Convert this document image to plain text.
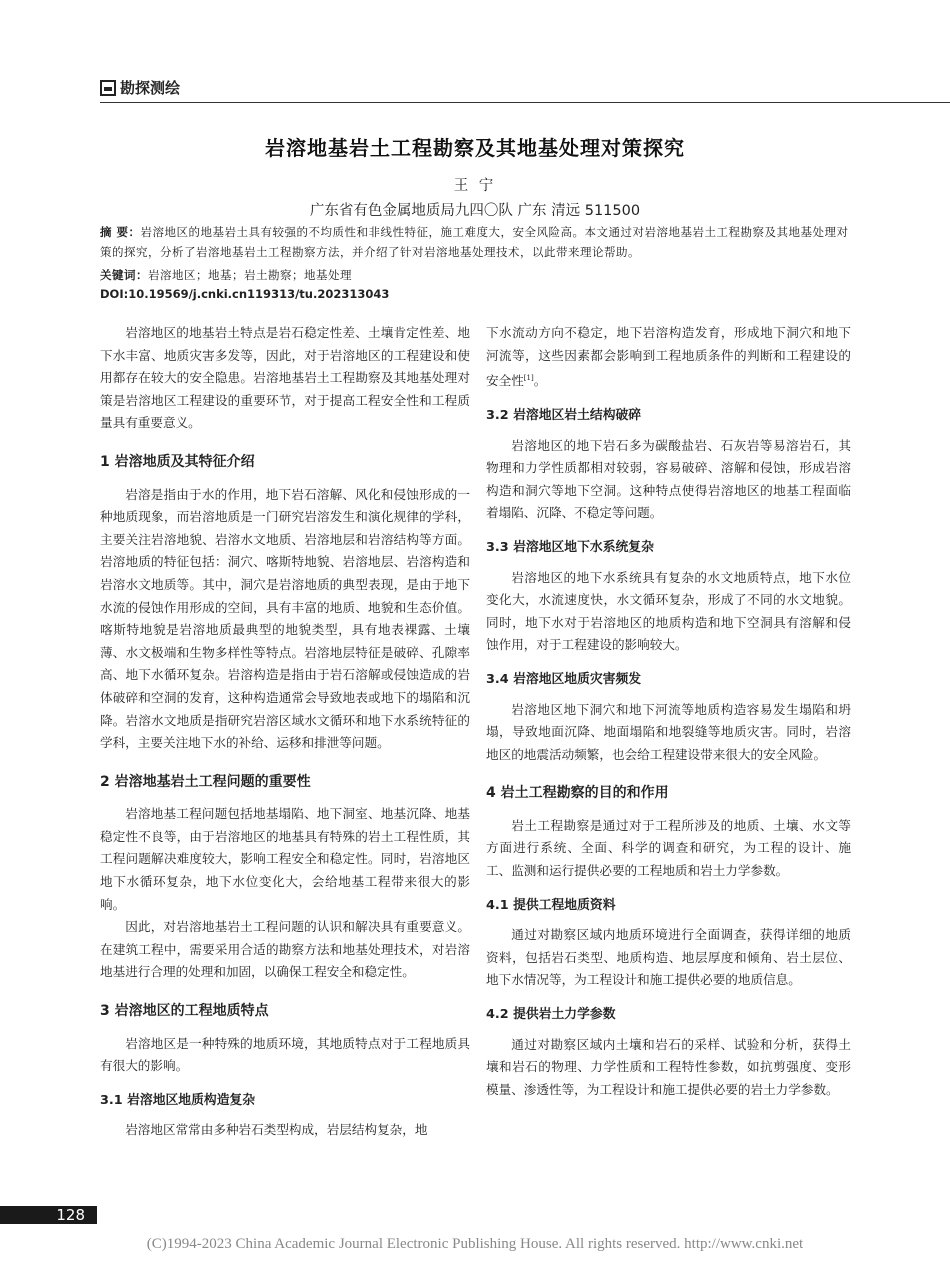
勘探测绘
岩溶地基岩土工程勘察及其地基处理对策探究
王 宁
广东省有色金属地质局九四〇队 广东 清远 511500
摘 要：岩溶地区的地基岩土具有较强的不均质性和非线性特征，施工难度大，安全风险高。本文通过对岩溶地基岩土工程勘察及其地基处理对策的探究，分析了岩溶地基岩土工程勘察方法，并介绍了针对岩溶地基处理技术，以此带来理论帮助。
关键词：岩溶地区；地基；岩土勘察；地基处理
DOI:10.19569/j.cnki.cn119313/tu.202313043

岩溶地区的地基岩土特点是岩石稳定性差、土壤肯定性差、地下水丰富、地质灾害多发等，因此，对于岩溶地区的工程建设和使用都存在较大的安全隐患。岩溶地基岩土工程勘察及其地基处理对策是岩溶地区工程建设的重要环节，对于提高工程安全性和工程质量具有重要意义。

1 岩溶地质及其特征介绍

岩溶是指由于水的作用，地下岩石溶解、风化和侵蚀形成的一种地质现象，而岩溶地质是一门研究岩溶发生和演化规律的学科，主要关注岩溶地貌、岩溶水文地质、岩溶地层和岩溶结构等方面。岩溶地质的特征包括：洞穴、喀斯特地貌、岩溶地层、岩溶构造和岩溶水文地质等。其中，洞穴是岩溶地质的典型表现，是由于地下水流的侵蚀作用形成的空间，具有丰富的地质、地貌和生态价值。喀斯特地貌是岩溶地质最典型的地貌类型，具有地表裸露、土壤薄、水文极端和生物多样性等特点。岩溶地层特征是破碎、孔隙率高、地下水循环复杂。岩溶构造是指由于岩石溶解或侵蚀造成的岩体破碎和空洞的发育，这种构造通常会导致地表或地下的塌陷和沉降。岩溶水文地质是指研究岩溶区域水文循环和地下水系统特征的学科，主要关注地下水的补给、运移和排泄等问题。

2 岩溶地基岩土工程问题的重要性

岩溶地基工程问题包括地基塌陷、地下洞室、地基沉降、地基稳定性不良等，由于岩溶地区的地基具有特殊的岩土工程性质，其工程问题解决难度较大，影响工程安全和稳定性。同时，岩溶地区地下水循环复杂，地下水位变化大，会给地基工程带来很大的影响。

因此，对岩溶地基岩土工程问题的认识和解决具有重要意义。在建筑工程中，需要采用合适的勘察方法和地基处理技术，对岩溶地基进行合理的处理和加固，以确保工程安全和稳定性。

3 岩溶地区的工程地质特点

岩溶地区是一种特殊的地质环境，其地质特点对于工程地质具有很大的影响。

3.1 岩溶地区地质构造复杂

岩溶地区常常由多种岩石类型构成，岩层结构复杂，地

下水流动方向不稳定，地下岩溶构造发育，形成地下洞穴和地下河流等，这些因素都会影响到工程地质条件的判断和工程建设的安全性[1]。

3.2 岩溶地区岩土结构破碎

岩溶地区的地下岩石多为碳酸盐岩、石灰岩等易溶岩石，其物理和力学性质都相对较弱，容易破碎、溶解和侵蚀，形成岩溶构造和洞穴等地下空洞。这种特点使得岩溶地区的地基工程面临着塌陷、沉降、不稳定等问题。

3.3 岩溶地区地下水系统复杂

岩溶地区的地下水系统具有复杂的水文地质特点，地下水位变化大，水流速度快，水文循环复杂，形成了不同的水文地貌。同时，地下水对于岩溶地区的地质构造和地下空洞具有溶解和侵蚀作用，对于工程建设的影响较大。

3.4 岩溶地区地质灾害频发

岩溶地区地下洞穴和地下河流等地质构造容易发生塌陷和坍塌，导致地面沉降、地面塌陷和地裂缝等地质灾害。同时，岩溶地区的地震活动频繁，也会给工程建设带来很大的安全风险。

4 岩土工程勘察的目的和作用

岩土工程勘察是通过对于工程所涉及的地质、土壤、水文等方面进行系统、全面、科学的调查和研究，为工程的设计、施工、监测和运行提供必要的工程地质和岩土力学参数。

4.1 提供工程地质资料

通过对勘察区域内地质环境进行全面调查，获得详细的地质资料，包括岩石类型、地质构造、地层厚度和倾角、岩土层位、地下水情况等，为工程设计和施工提供必要的地质信息。

4.2 提供岩土力学参数

通过对勘察区域内土壤和岩石的采样、试验和分析，获得土壤和岩石的物理、力学性质和工程特性参数，如抗剪强度、变形模量、渗透性等，为工程设计和施工提供必要的岩土力学参数。

128
(C)1994-2023 China Academic Journal Electronic Publishing House. All rights reserved. http://www.cnki.net
